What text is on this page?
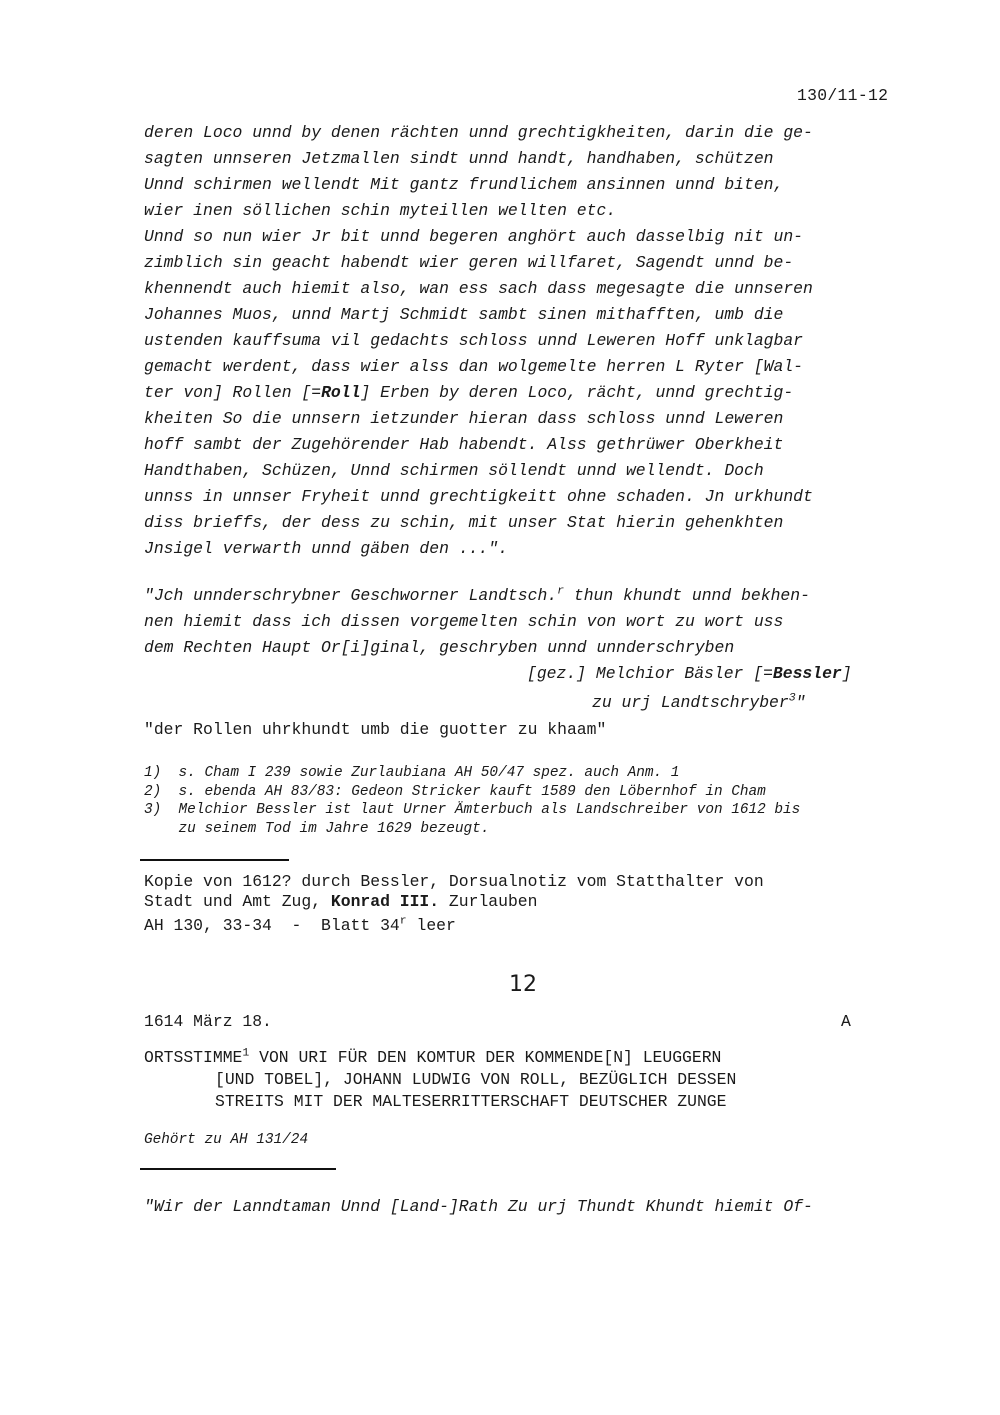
130/11-12
deren Loco unnd by denen rächten unnd grechtigkheiten, darin die ge-
sagten unnseren Jetzmallen sindt unnd handt, handhaben, schützen
Unnd schirmen wellendt Mit gantz frundlichem ansinnen unnd biten,
wier inen söllichen schin myteillen wellten etc.
Unnd so nun wier Jr bit unnd begeren anghört auch dasselbig nit un-
zimblich sin geacht habendt wier geren willfaret, Sagendt unnd be-
khennendt auch hiemit also, wan ess sach dass megesagte die unnseren
Johannes Muos, unnd Martj Schmidt sambt sinen mithafften, umb die
ustenden kauffsuma vil gedachts schloss unnd Leweren Hoff unklagbar
gemacht werdent, dass wier alss dan wolgemelte herren L Ryter [Wal-
ter von] Rollen [=Roll] Erben by deren Loco, rächt, unnd grechtig-
kheiten So die unnsern ietzunder hieran dass schloss unnd Leweren
hoff sambt der Zugehörender Hab habendt. Alss gethrüwer Oberkheit
Handthaben, Schüzen, Unnd schirmen söllendt unnd wellendt. Doch
unnss in unnser Fryheit unnd grechtigkeitt ohne schaden. Jn urkhundt
diss brieffs, der dess zu schin, mit unser Stat hierin gehenkhten
Jnsigel verwarth unnd gäben den ...".
"Jch unnderschrybner Geschworner Landtsch.$^r$ thun khundt unnd bekhen-
nen hiemit dass ich dissen vorgemelten schin von wort zu wort uss
dem Rechten Haupt Or[i]ginal, geschryben unnd unnderschryben
[gez.] Melchior Bäsler [=Bessler]
zu urj Landtschryber$^3$"
"der Rollen uhrkhundt umb die guotter zu khaam"
1)  s. Cham I 239 sowie Zurlaubiana AH 50/47 spez. auch Anm. 1
2)  s. ebenda AH 83/83: Gedeon Stricker kauft 1589 den Löbernhof in Cham
3)  Melchior Bessler ist laut Urner Ämterbuch als Landschreiber von 1612 bis
zu seinem Tod im Jahre 1629 bezeugt.
Kopie von 1612? durch Bessler, Dorsualnotiz vom Statthalter von
Stadt und Amt Zug, Konrad III. Zurlauben
AH 130, 33-34  -  Blatt 34$^r$ leer
12
1614 März 18.	A
ORTSSTIMME$^1$ VON URI FÜR DEN KOMTUR DER KOMMENDE[N] LEUGGERN
[UND TOBEL], JOHANN LUDWIG VON ROLL, BEZÜGLICH DESSEN
STREITS MIT DER MALTESERRITTERSCHAFT DEUTSCHER ZUNGE
Gehört zu AH 131/24
"Wir der Lanndtaman Unnd [Land-]Rath Zu urj Thundt Khundt hiemit Of-
